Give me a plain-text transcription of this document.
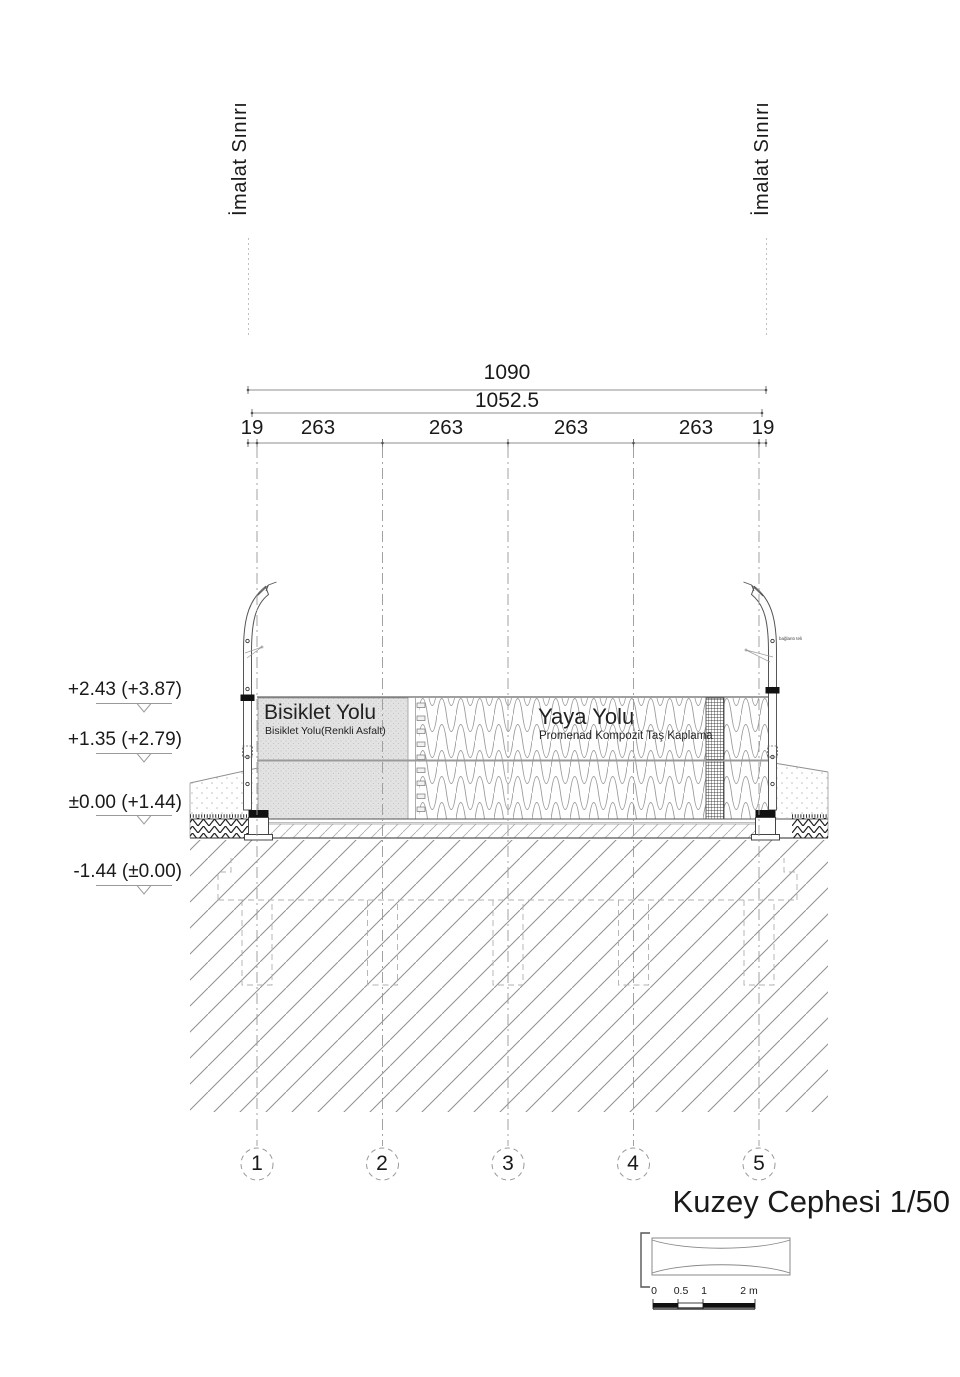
İmalat Sınırı	İmalat Sınırı
1090
1052.5
19 263	263	263	263 19
+2.43 (+3.87)
+1.35 (+2.79)
±0.00 (+1.44)
-1.44 (±0.00)
Bisiklet Yolu
Bisiklet Yolu(Renkli Asfalt)
Yaya Yolu
Promenad Kompozit Taş Kaplama
bağlantı teli
1	2	3	4	5
Kuzey Cephesi 1/50
0 0.5 1	2 m
